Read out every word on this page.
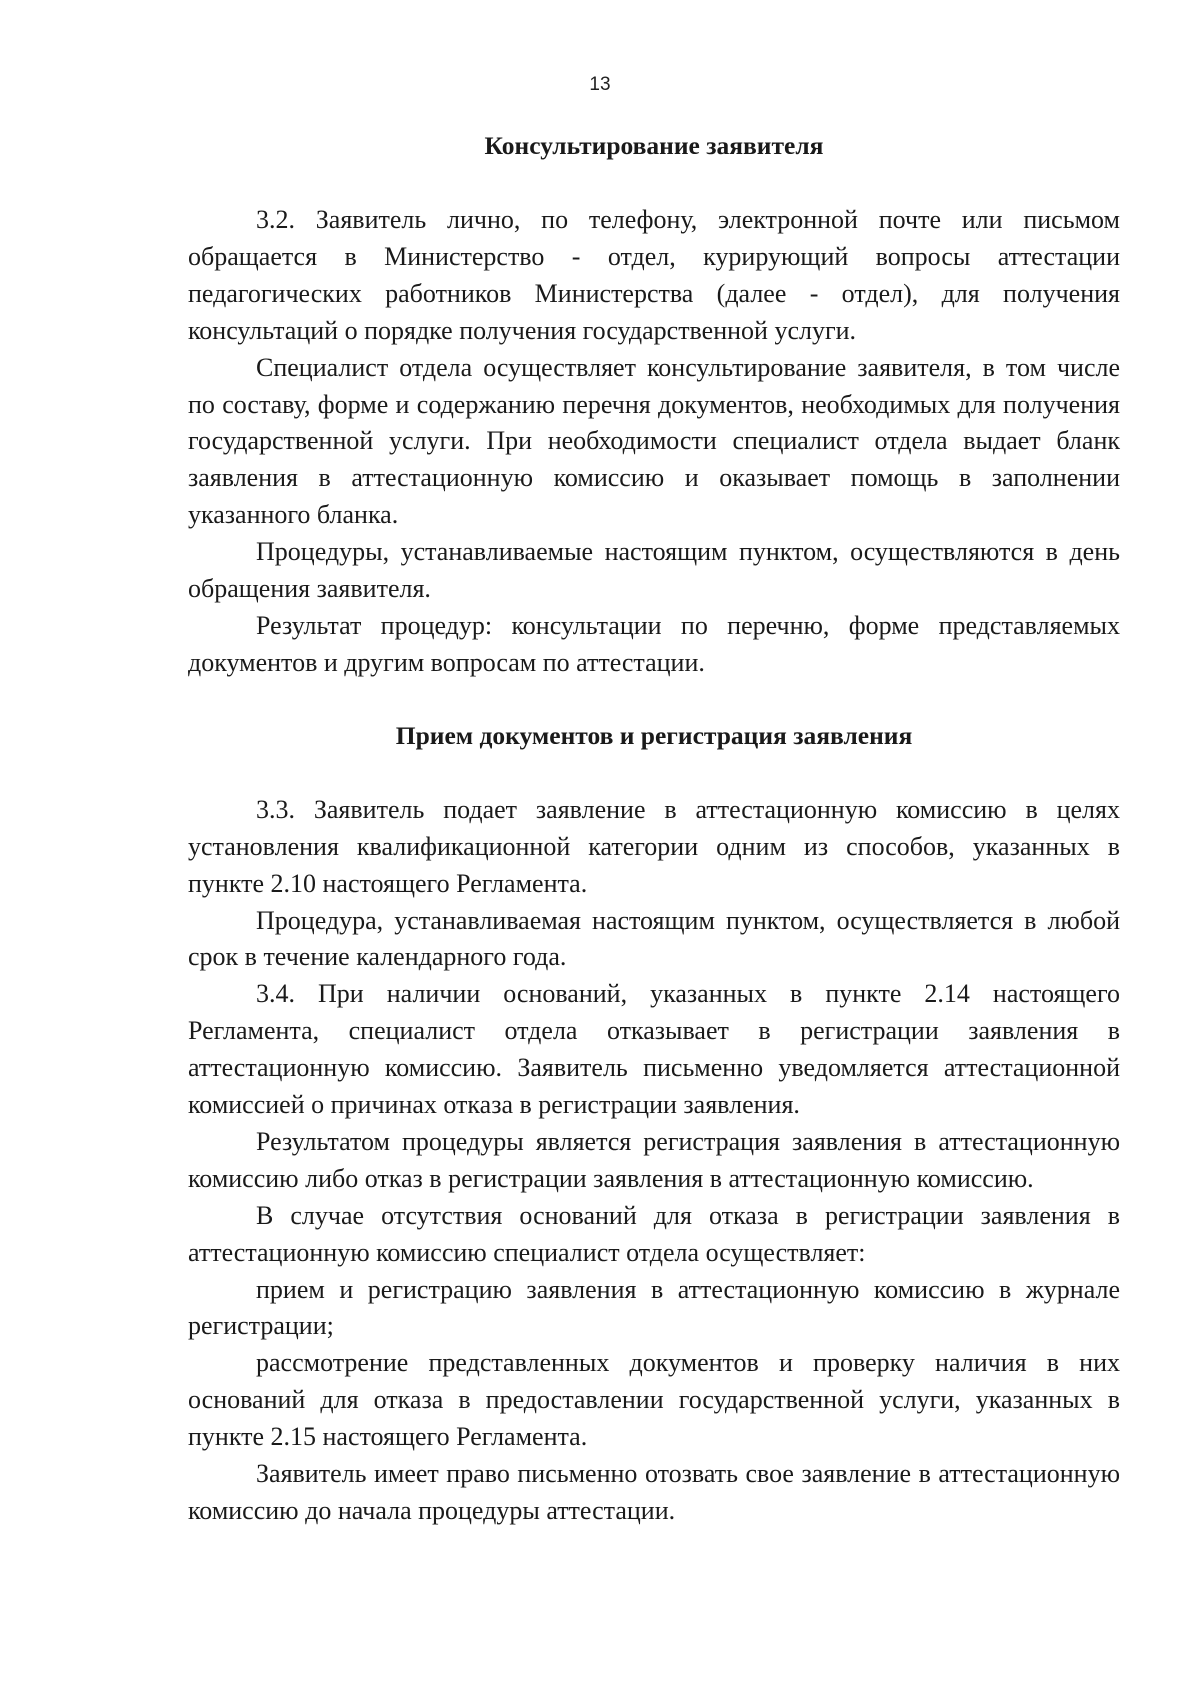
13
Консультирование заявителя

3.2. Заявитель лично, по телефону, электронной почте или письмом обращается в Министерство - отдел, курирующий вопросы аттестации педагогических работников Министерства (далее - отдел), для получения консультаций о порядке получения государственной услуги.

Специалист отдела осуществляет консультирование заявителя, в том числе по составу, форме и содержанию перечня документов, необходимых для получения государственной услуги. При необходимости специалист отдела выдает бланк заявления в аттестационную комиссию и оказывает помощь в заполнении указанного бланка.

Процедуры, устанавливаемые настоящим пунктом, осуществляются в день обращения заявителя.

Результат процедур: консультации по перечню, форме представляемых документов и другим вопросам по аттестации.

Прием документов и регистрация заявления

3.3. Заявитель подает заявление в аттестационную комиссию в целях установления квалификационной категории одним из способов, указанных в пункте 2.10 настоящего Регламента.

Процедура, устанавливаемая настоящим пунктом, осуществляется в любой срок в течение календарного года.

3.4. При наличии оснований, указанных в пункте 2.14 настоящего Регламента, специалист отдела отказывает в регистрации заявления в аттестационную комиссию. Заявитель письменно уведомляется аттестационной комиссией о причинах отказа в регистрации заявления.

Результатом процедуры является регистрация заявления в аттестационную комиссию либо отказ в регистрации заявления в аттестационную комиссию.

В случае отсутствия оснований для отказа в регистрации заявления в аттестационную комиссию специалист отдела осуществляет:

прием и регистрацию заявления в аттестационную комиссию в журнале регистрации;

рассмотрение представленных документов и проверку наличия в них оснований для отказа в предоставлении государственной услуги, указанных в пункте 2.15 настоящего Регламента.

Заявитель имеет право письменно отозвать свое заявление в аттестационную комиссию до начала процедуры аттестации.
